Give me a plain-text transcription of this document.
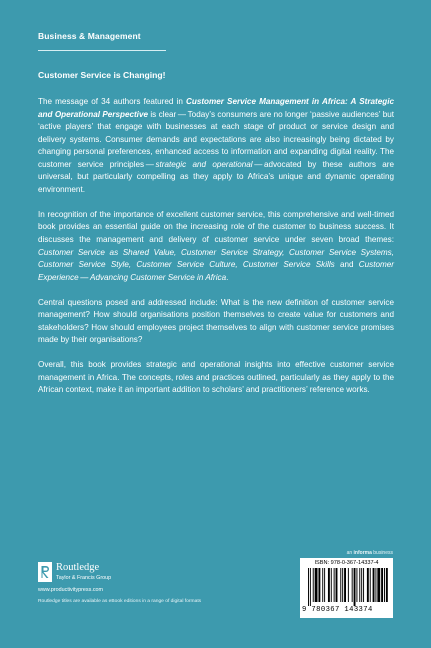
Business & Management
Customer Service is Changing!

The message of 34 authors featured in Customer Service Management in Africa: A Strategic and Operational Perspective is clear — Today’s consumers are no longer ‘passive audiences’ but ‘active players’ that engage with businesses at each stage of product or service design and delivery systems. Consumer demands and expectations are also increasingly being dictated by changing personal preferences, enhanced access to information and expanding digital reality. The customer service principles — strategic and operational — advocated by these authors are universal, but particularly compelling as they apply to Africa’s unique and dynamic operating environment.

In recognition of the importance of excellent customer service, this comprehensive and well-timed book provides an essential guide on the increasing role of the customer to business success. It discusses the management and delivery of customer service under seven broad themes: Customer Service as Shared Value, Customer Service Strategy, Customer Service Systems, Customer Service Style, Customer Service Culture, Customer Service Skills and Customer Experience — Advancing Customer Service in Africa.

Central questions posed and addressed include: What is the new definition of customer service management? How should organisations position themselves to create value for customers and stakeholders? How should employees project themselves to align with customer service promises made by their organisations?

Overall, this book provides strategic and operational insights into effective customer service management in Africa. The concepts, roles and practices outlined, particularly as they apply to the African context, make it an important addition to scholars’ and practitioners’ reference works.

an informa business
Routledge
Taylor & Francis Group
www.productivitypress.com
Routledge titles are available as eBook editions in a range of digital formats
ISBN: 978-0-367-14337-4
9 780367 143374
